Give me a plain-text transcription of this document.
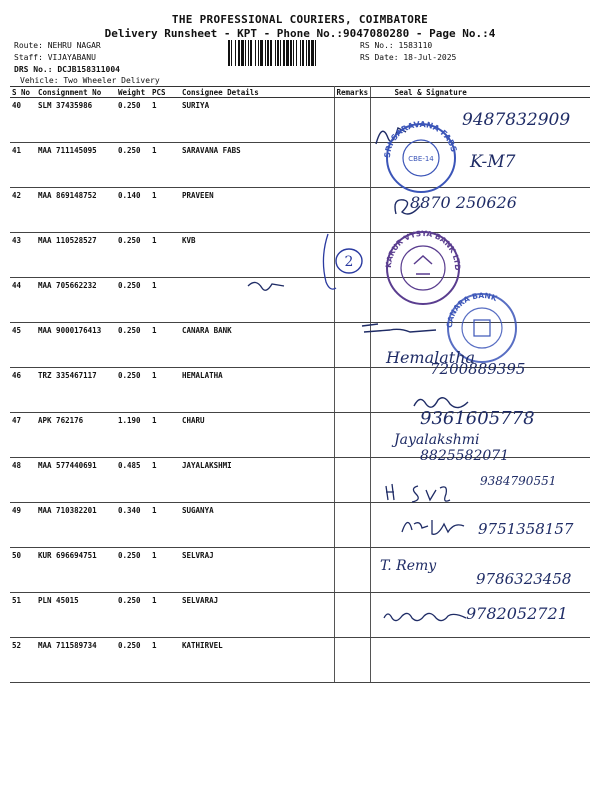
THE PROFESSIONAL COURIERS, COIMBATORE
Delivery Runsheet - KPT - Phone No.:9047080280 - Page No.:4
Route: NEHRU NAGAR
Staff: VIJAYABANU
DRS No.: DCJB158311004
Vehicle: Two Wheeler Delivery
RS No.: 1583110
RS Date: 18-Jul-2025
S No	Consignment No	Weight	PCS	Consignee Details	Remarks	Seal & Signature
40	SLM 37435986	0.250	1	SURIYA		
41	MAA 711145095	0.250	1	SARAVANA FABS		
42	MAA 869148752	0.140	1	PRAVEEN		
43	MAA 110528527	0.250	1	KVB		
44	MAA 705662232	0.250	1			
45	MAA 9000176413	0.250	1	CANARA BANK		
46	TRZ 335467117	0.250	1	HEMALATHA		
47	APK 762176	1.190	1	CHARU		
48	MAA 577440691	0.485	1	JAYALAKSHMI		
49	MAA 710382201	0.340	1	SUGANYA		
50	KUR 696694751	0.250	1	SELVRAJ		
51	PLN 45015	0.250	1	SELVARAJ		
52	MAA 711589734	0.250	1	KATHIRVEL		
9487832909
SRI SARAVANA FABS
CBE-14 K-M7
8870 250626
2	KARUR VYSYA BANK LTD
CANARA BANK
Hemalatha
7200889395
9361605778
Jayalakshmi
8825582071
9384790551
9751358157
T. Remy
9786323458
9782052721
